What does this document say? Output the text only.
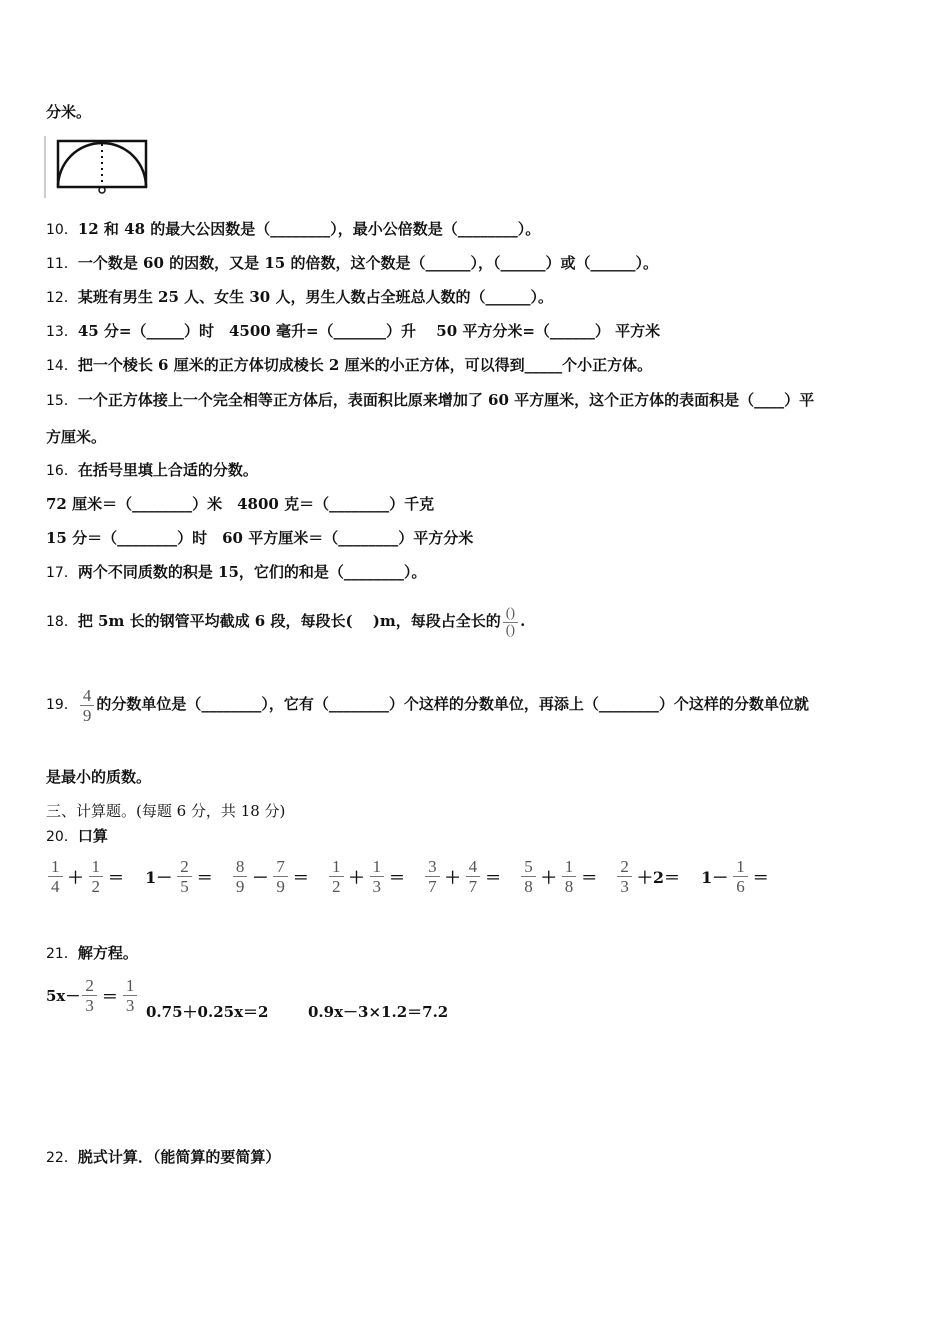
分米。
10．12 和 48 的最大公因数是（________），最小公倍数是（________）。
11．一个数是 60 的因数，又是 15 的倍数，这个数是（______），（______）或（______）。
12．某班有男生 25 人、女生 30 人，男生人数占全班总人数的（______）。
13．45 分=（_____）时　4500 毫升=（_______）升　 50 平方分米=（______） 平方米
14．把一个棱长 6 厘米的正方体切成棱长 2 厘米的小正方体，可以得到_____个小正方体。
15．一个正方体接上一个完全相等正方体后，表面积比原来增加了 60 平方厘米，这个正方体的表面积是（____）平
方厘米。
16．在括号里填上合适的分数。
72 厘米＝（________）米　4800 克＝（________）千克
15 分＝（________）时　60 平方厘米＝（________）平方分米
17．两个不同质数的积是 15，它们的和是（________）。
18．把 5m 长的钢管平均截成 6 段，每段长(　 )m，每段占全长的 $\frac{()}{()}$ .
19． $\frac{4}{9}$ 的分数单位是（________），它有（________）个这样的分数单位，再添上（________）个这样的分数单位就
是最小的质数。
三、计算题。(每题 6 分，共 18 分)
20．口算
$\frac{1}{4} + \frac{1}{2} = 1- \frac{2}{5} = \frac{8}{9} - \frac{7}{9} = \frac{1}{2} + \frac{1}{3} = \frac{3}{7} + \frac{4}{7} = \frac{5}{8} + \frac{1}{8} = \frac{2}{3} +2= 1- \frac{1}{6}$ ＝
21．解方程。
$5x- \frac{2}{3} = \frac{1}{3} 0.75+0.25x=2$	0.9x－3×1.2＝7.2
22．脱式计算．（能简算的要简算）
